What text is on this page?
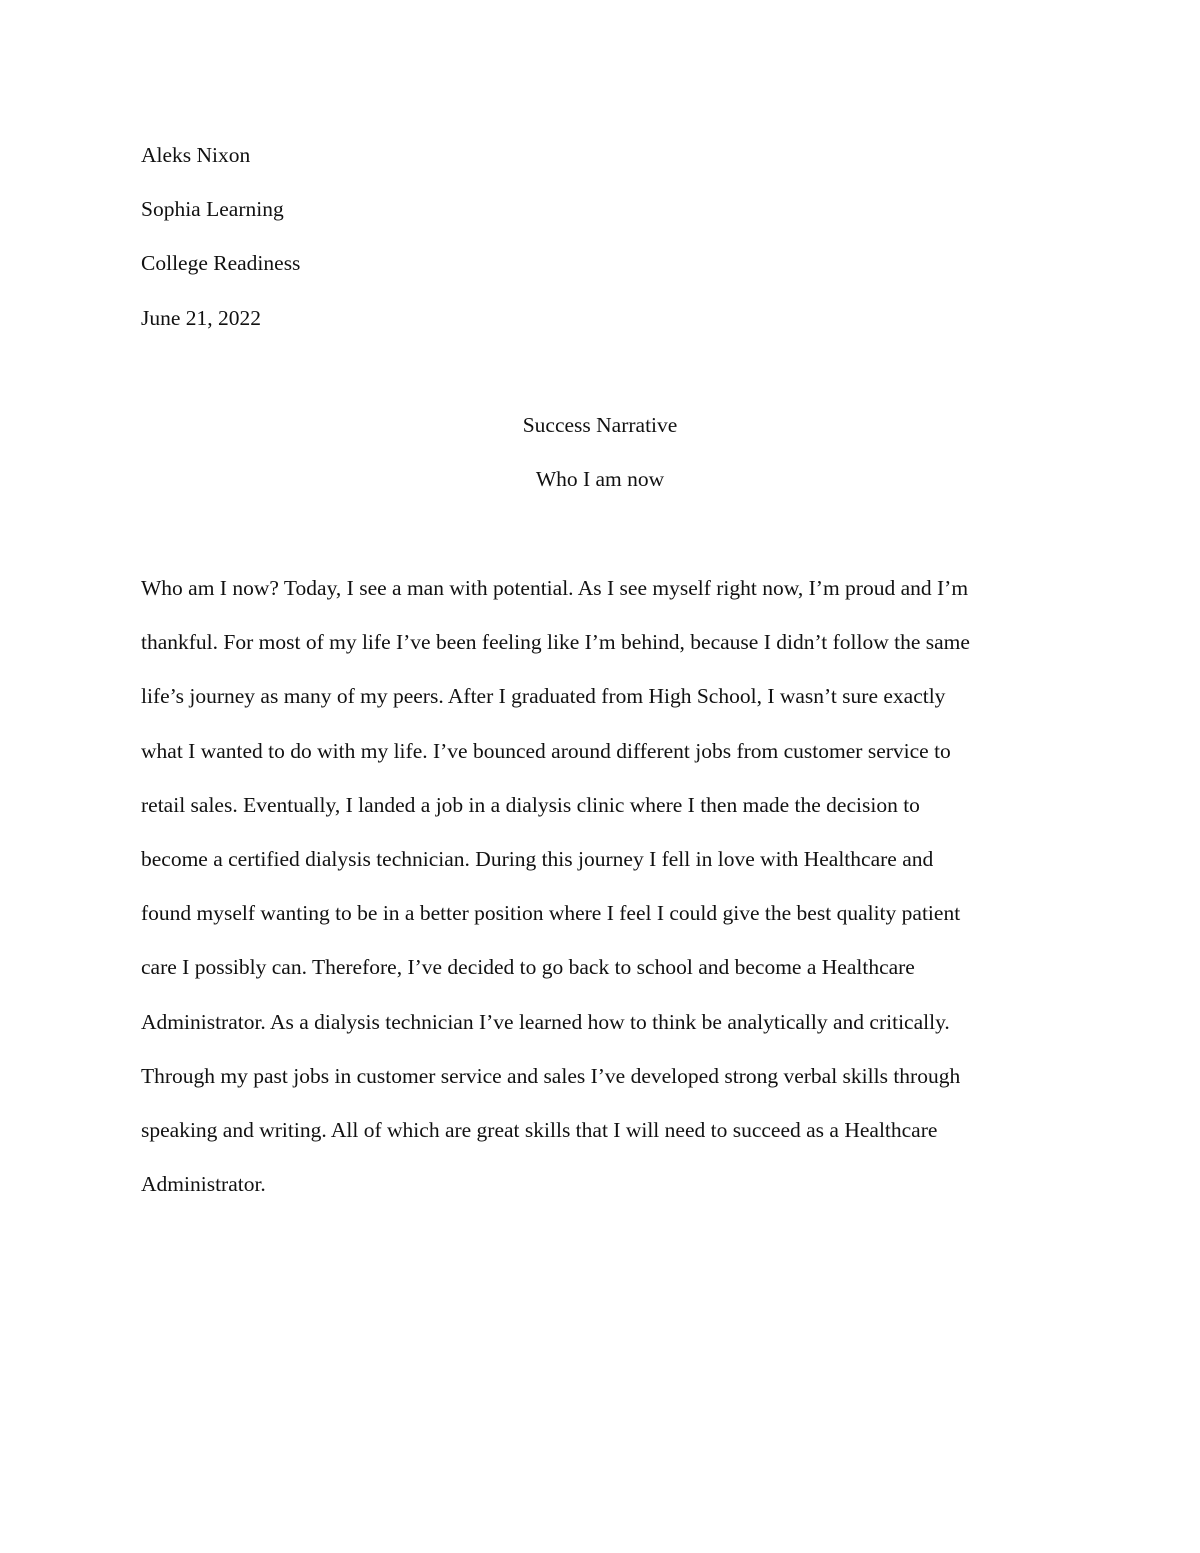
Aleks Nixon
Sophia Learning
College Readiness
June 21, 2022
Success Narrative
Who I am now
Who am I now? Today, I see a man with potential. As I see myself right now, I’m proud and I’m
thankful. For most of my life I’ve been feeling like I’m behind, because I didn’t follow the same
life’s journey as many of my peers. After I graduated from High School, I wasn’t sure exactly
what I wanted to do with my life. I’ve bounced around different jobs from customer service to
retail sales. Eventually, I landed a job in a dialysis clinic where I then made the decision to
become a certified dialysis technician. During this journey I fell in love with Healthcare and
found myself wanting to be in a better position where I feel I could give the best quality patient
care I possibly can. Therefore, I’ve decided to go back to school and become a Healthcare
Administrator. As a dialysis technician I’ve learned how to think be analytically and critically.
Through my past jobs in customer service and sales I’ve developed strong verbal skills through
speaking and writing. All of which are great skills that I will need to succeed as a Healthcare
Administrator.
